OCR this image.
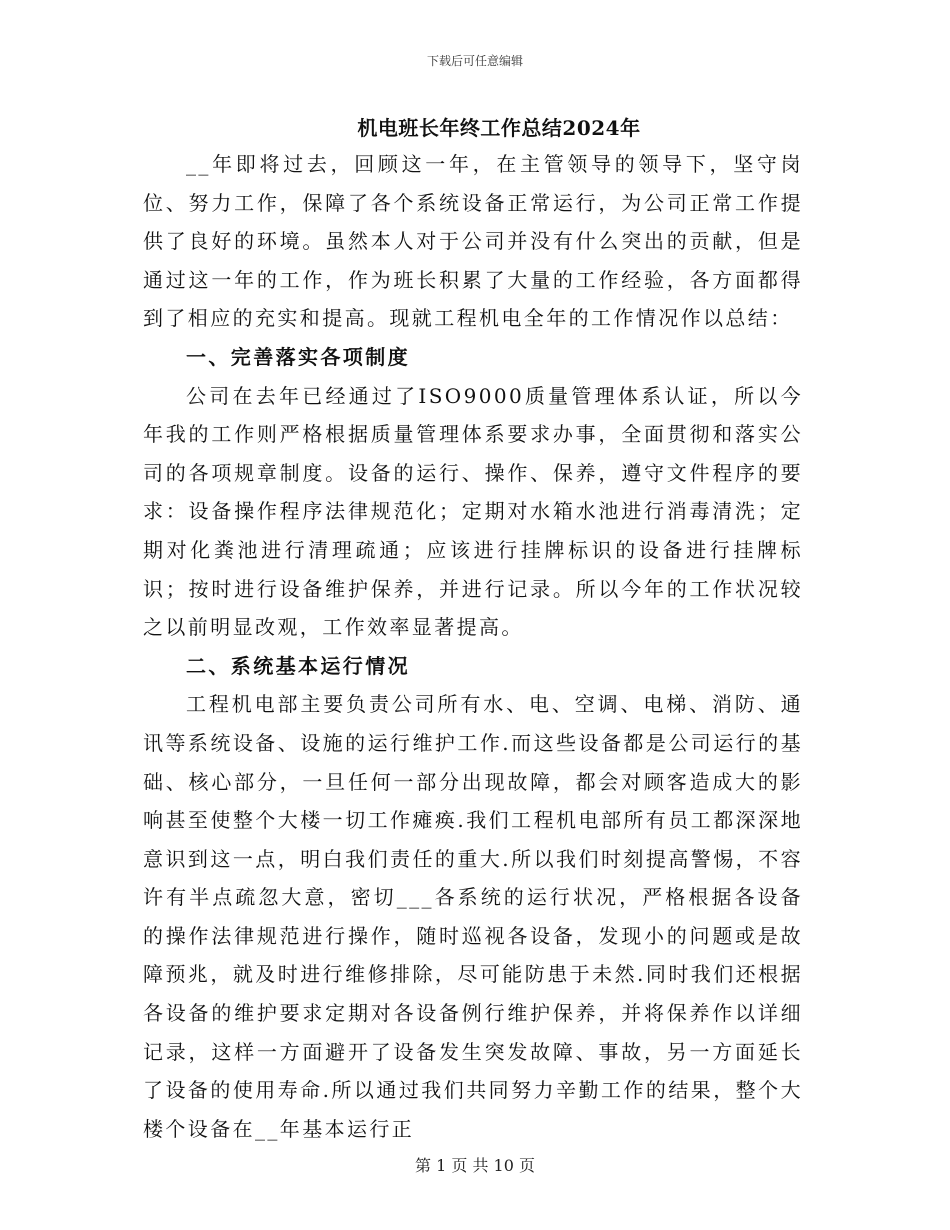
下载后可任意编辑
机电班长年终工作总结2024年

__年即将过去，回顾这一年，在主管领导的领导下，坚守岗位、努力工作，保障了各个系统设备正常运行，为公司正常工作提供了良好的环境。虽然本人对于公司并没有什么突出的贡献，但是通过这一年的工作，作为班长积累了大量的工作经验，各方面都得到了相应的充实和提高。现就工程机电全年的工作情况作以总结：

一、完善落实各项制度

公司在去年已经通过了ISO9000质量管理体系认证，所以今年我的工作则严格根据质量管理体系要求办事，全面贯彻和落实公司的各项规章制度。设备的运行、操作、保养，遵守文件程序的要求：设备操作程序法律规范化；定期对水箱水池进行消毒清洗；定期对化粪池进行清理疏通；应该进行挂牌标识的设备进行挂牌标识；按时进行设备维护保养，并进行记录。所以今年的工作状况较之以前明显改观，工作效率显著提高。

二、系统基本运行情况

工程机电部主要负责公司所有水、电、空调、电梯、消防、通讯等系统设备、设施的运行维护工作.而这些设备都是公司运行的基础、核心部分，一旦任何一部分出现故障，都会对顾客造成大的影响甚至使整个大楼一切工作瘫痪.我们工程机电部所有员工都深深地意识到这一点，明白我们责任的重大.所以我们时刻提高警惕，不容许有半点疏忽大意，密切___各系统的运行状况，严格根据各设备的操作法律规范进行操作，随时巡视各设备，发现小的问题或是故障预兆，就及时进行维修排除，尽可能防患于未然.同时我们还根据各设备的维护要求定期对各设备例行维护保养，并将保养作以详细记录，这样一方面避开了设备发生突发故障、事故，另一方面延长了设备的使用寿命.所以通过我们共同努力辛勤工作的结果，整个大楼个设备在__年基本运行正

第 1 页 共 10 页
